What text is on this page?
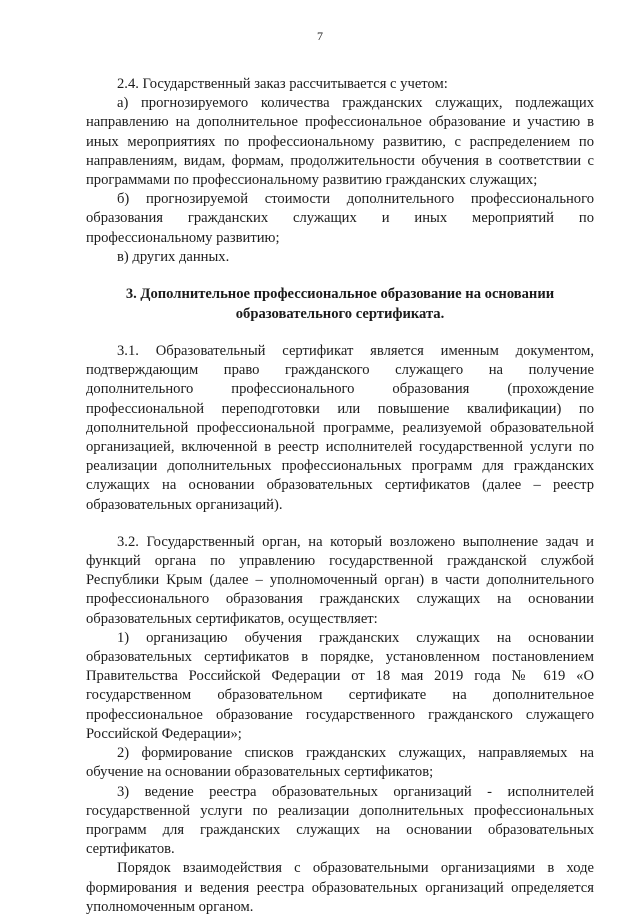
7

2.4. Государственный заказ рассчитывается с учетом:

а) прогнозируемого количества гражданских служащих, подлежащих направлению на дополнительное профессиональное образование и участию в иных мероприятиях по профессиональному развитию, с распределением по направлениям, видам, формам, продолжительности обучения в соответствии с программами по профессиональному развитию гражданских служащих;

б) прогнозируемой стоимости дополнительного профессионального образования гражданских служащих и иных мероприятий по профессиональному развитию;

в) других данных.

3. Дополнительное профессиональное образование на основании образовательного сертификата.

3.1. Образовательный сертификат является именным документом, подтверждающим право гражданского служащего на получение дополнительного профессионального образования (прохождение профессиональной переподготовки или повышение квалификации) по дополнительной профессиональной программе, реализуемой образовательной организацией, включенной в реестр исполнителей государственной услуги по реализации дополнительных профессиональных программ для гражданских служащих на основании образовательных сертификатов (далее – реестр образовательных организаций).

3.2. Государственный орган, на который возложено выполнение задач и функций органа по управлению государственной гражданской службой Республики Крым (далее – уполномоченный орган) в части дополнительного профессионального образования гражданских служащих на основании образовательных сертификатов, осуществляет:

1) организацию обучения гражданских служащих на основании образовательных сертификатов в порядке, установленном постановлением Правительства Российской Федерации от 18 мая 2019 года № 619 «О государственном образовательном сертификате на дополнительное профессиональное образование государственного гражданского служащего Российской Федерации»;

2) формирование списков гражданских служащих, направляемых на обучение на основании образовательных сертификатов;

3) ведение реестра образовательных организаций - исполнителей государственной услуги по реализации дополнительных профессиональных программ для гражданских служащих на основании образовательных сертификатов.

Порядок взаимодействия с образовательными организациями в ходе формирования и ведения реестра образовательных организаций определяется уполномоченным органом.
